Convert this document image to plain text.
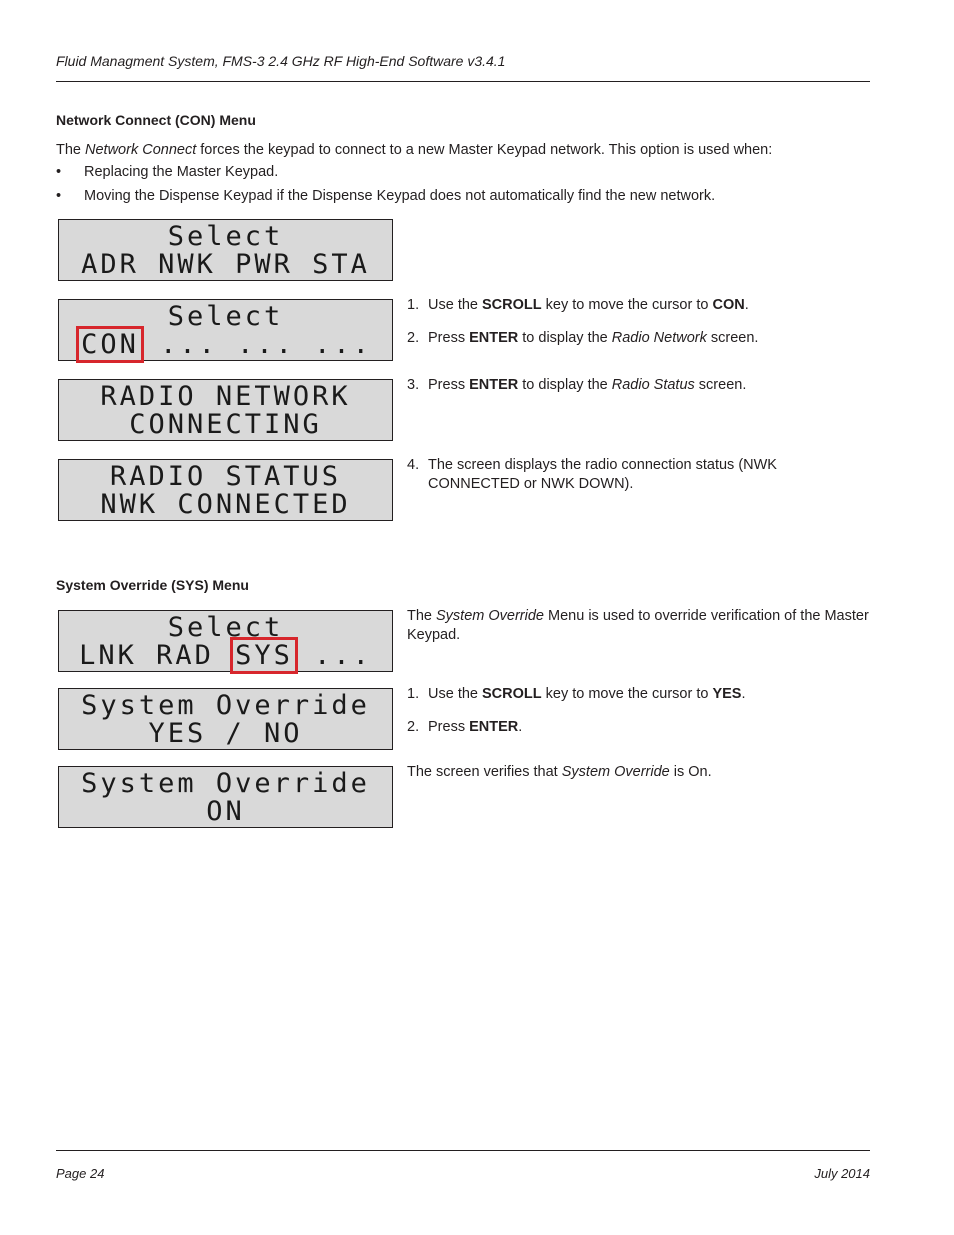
Fluid Managment System, FMS-3 2.4 GHz RF High-End Software v3.4.1
Network Connect (CON) Menu
The Network Connect forces the keypad to connect to a new Master Keypad network. This option is used when:
• Replacing the Master Keypad.
• Moving the Dispense Keypad if the Dispense Keypad does not automatically find the new network.
Select
ADR NWK PWR STA
Select
CON ... ... ...
RADIO NETWORK
CONNECTING
RADIO STATUS
NWK CONNECTED
1. Use the SCROLL key to move the cursor to CON.
2. Press ENTER to display the Radio Network screen.
3. Press ENTER to display the Radio Status screen.
4. The screen displays the radio connection status (NWK CONNECTED or NWK DOWN).
System Override (SYS) Menu
Select
LNK RAD SYS ...
System Override
YES / NO
System Override
ON
The System Override Menu is used to override verification of the Master Keypad.
1. Use the SCROLL key to move the cursor to YES.
2. Press ENTER.
The screen verifies that System Override is On.
Page 24	July 2014
